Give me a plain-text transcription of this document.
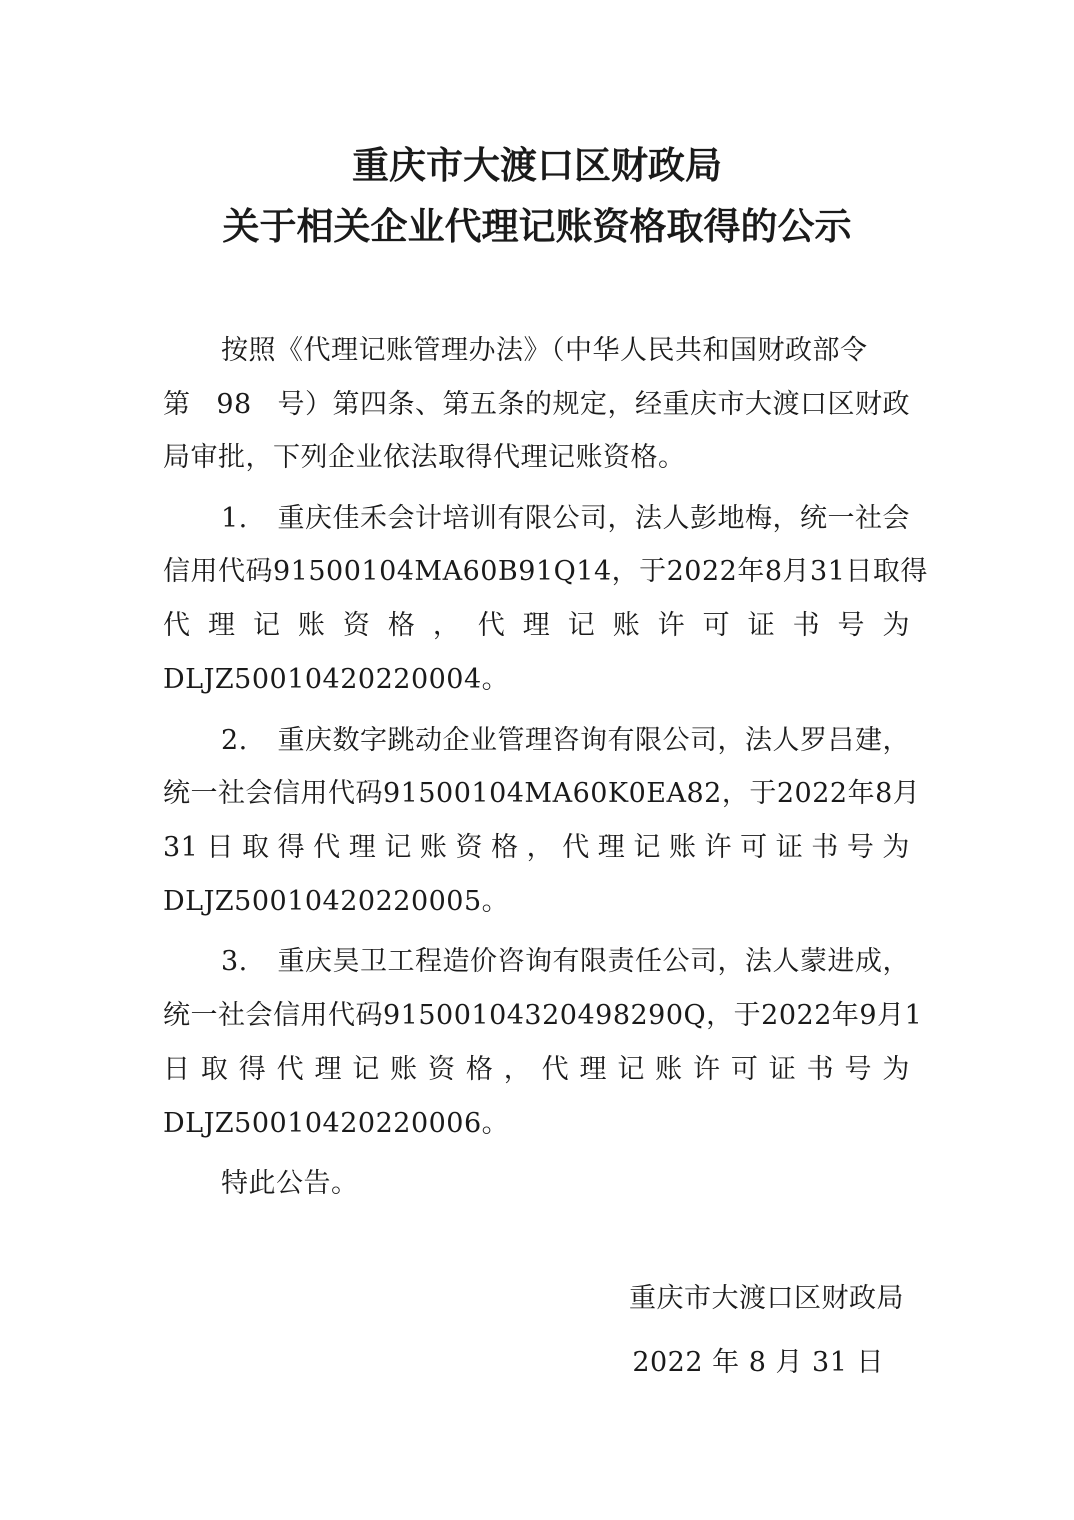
重庆市大渡口区财政局
关于相关企业代理记账资格取得的公示
按照《代理记账管理办法》（中华人民共和国财政部令
第 98 号）第四条、第五条的规定，经重庆市大渡口区财政
局审批，下列企业依法取得代理记账资格。
1. 重庆佳禾会计培训有限公司，法人彭地梅，统一社会
信用代码 91500104MA60B91Q14，于 2022 年 8 月 31 日取得
代 理 记 账 资 格 ， 代 理 记 账 许 可 证 书 号 为
DLJZ50010420220004。
2. 重庆数字跳动企业管理咨询有限公司，法人罗吕建，
统一社会信用代码 91500104MA60K0EA82，于 2022 年 8 月
31 日 取 得 代 理 记 账 资 格 ， 代 理 记 账 许 可 证 书 号 为
DLJZ50010420220005。
3. 重庆昊卫工程造价咨询有限责任公司，法人蒙进成，
统一社会信用代码 91500104320498290Q，于 2022 年 9 月 1
日 取 得 代 理 记 账 资 格 ， 代 理 记 账 许 可 证 书 号 为
DLJZ50010420220006。
特此公告。
重庆市大渡口区财政局
2022 年 8 月 31 日
